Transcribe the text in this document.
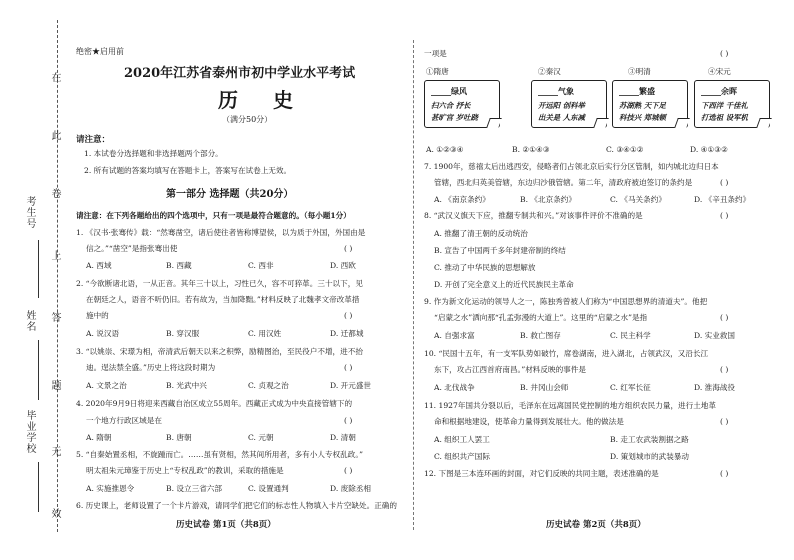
在
此
卷
上
答
题
无
效
考生号
姓名
毕业学校
绝密★启用前
2020年江苏省泰州市初中学业水平考试
历 史
（满分50分）
请注意：
1. 本试卷分选择题和非选择题两个部分。
2. 所有试题的答案均填写在答题卡上，答案写在试卷上无效。
第一部分 选择题（共20分）
请注意：在下列各题给出的四个选项中，只有一项是最符合题意的。（每小题1分）
1. 《汉书·张骞传》载：“然骞凿空，诸后使往者皆称博望侯，以为质于外国，外国由是
信之。”“凿空”是指张骞出使	( )
A. 西域	B. 西藏	C. 西非	D. 西欧
2. “今欲断诸北语，一从正音。其年三十以上，习性已久，容不可猝革。三十以下，见
在朝廷之人，语音不听仍旧。若有故为，当加降黜。”材料反映了北魏孝文帝改革措
施中的	( )
A. 说汉语	B. 穿汉服	C. 用汉姓	D. 迁都城
3. “以姚崇、宋璟为相，帝清武后朝天以来之积弊，励精图治，至民役户不增，进不抬
迪。逞法禁全盛。”历史上将这段时期为	( )
A. 文景之治	B. 光武中兴	C. 贞观之治	D. 开元盛世
4. 2020年9月9日将迎来西藏自治区成立55周年。西藏正式成为中央直接管辖下的
一个地方行政区域是在	( )
A. 隋朝	B. 唐朝	C. 元朝	D. 清朝
5. “自秦始置丞相，不旋踵而亡。……虽有贤相，然其间所用者，多有小人专权乱政。”
明太祖朱元璋鉴于历史上“专权乱政”的教训，采取的措施是	( )
A. 实施推恩令	B. 设立三省六部	C. 设置通判	D. 废除丞相
6. 历史课上，老师设置了一个卡片游戏，请同学们把它们的标志性人物填入卡片空缺处。正确的
历史试卷 第1页（共8页）
一项是	( )
①隋唐	②秦汉	③明清	④宋元
_____绿风
扫六合 抒长
甚旷宫 岁吐跷
_____气象
开远阳 创科举
出关是 人东减
_____繁盛
苏湖熟 天下足
科技兴 郑城顿
_____余晖
下西洋 千佳礼
打选祖 设军机
A. ①②③④	B. ②①④③	C. ③④①②	D. ④①③②
7. 1900年，慈禧太后出逃西安，侵略者们占领北京后实行分区管制，如内城北边归日本
管辖，西北归英美管辖，东边归沙俄管辖。第二年，清政府被迫签订的条约是	( )
A. 《南京条约》	B. 《北京条约》	C. 《马关条约》	D. 《辛丑条约》
8. “武汉义旗天下应，推翻专制共和兴。”对该事件评价不准确的是	( )
A. 推翻了清王朝的反动统治
B. 宣告了中国两千多年封建帝制的终结
C. 推动了中华民族的思想解放
D. 开创了完全意义上的近代民族民主革命
9. 作为新文化运动的领导人之一，陈独秀曾被人们称为“中国思想界的清道夫”。他把
“启蒙之水”洒向那“孔孟弥漫的大道上”。这里的“启蒙之水”是指	( )
A. 自强求富	B. 救亡图存	C. 民主科学	D. 实业救国
10. “民国十五年，有一支军队势如破竹，席卷湖南，进入湖北，占领武汉，又沿长江
东下，攻占江西首府南昌。”材料反映的事件是	( )
A. 北伐战争	B. 井冈山会师	C. 红军长征	D. 淮海战役
11. 1927年国共分裂以后，毛泽东在远离国民党控制的地方组织农民力量，进行土地革
命和根据地建设，使革命力量得到发展壮大。他的做法是	( )
A. 组织工人罢工	B. 走工农武装割据之路
C. 组织共产国际	D. 策划城市的武装暴动
12. 下图是三本连环画的封面，对它们反映的共同主题，表述准确的是	( )
历史试卷 第2页（共8页）
